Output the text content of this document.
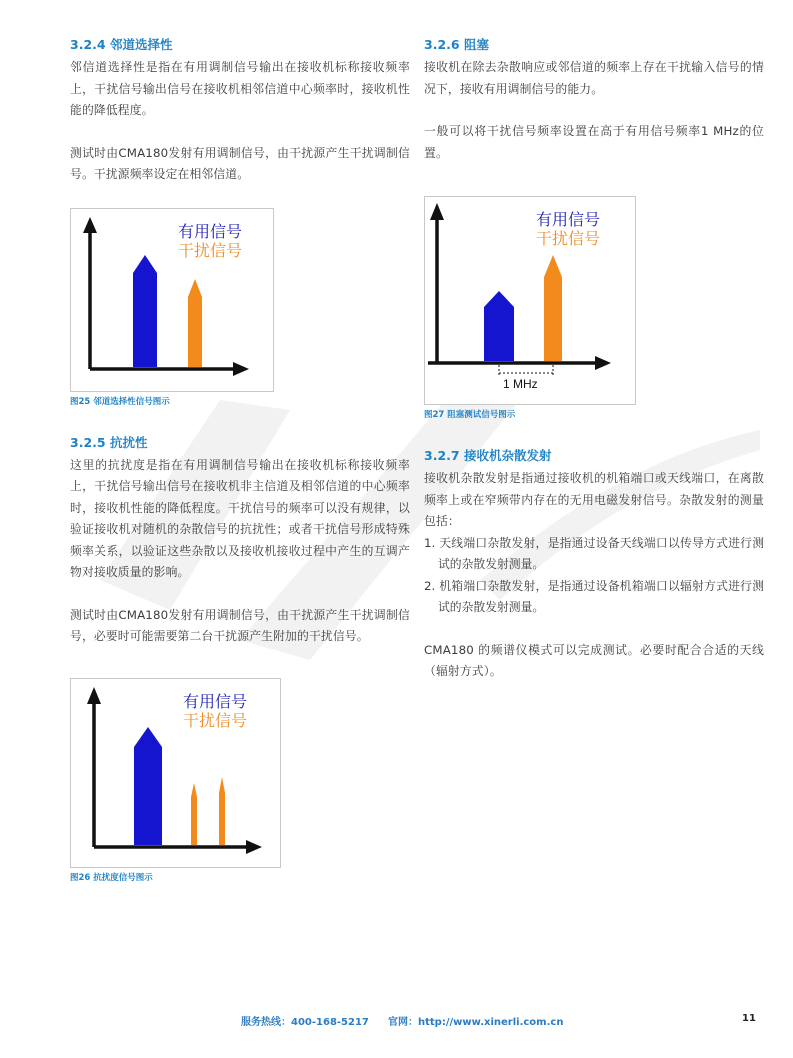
3.2.4 邻道选择性

邻信道选择性是指在有用调制信号输出在接收机标称接收频率上，干扰信号输出信号在接收机相邻信道中心频率时，接收机性能的降低程度。

测试时由CMA180发射有用调制信号，由干扰源产生干扰调制信号。干扰源频率设定在相邻信道。

有用信号
干扰信号
图25 邻道选择性信号图示
3.2.5 抗扰性

这里的抗扰度是指在有用调制信号输出在接收机标称接收频率上，干扰信号输出信号在接收机非主信道及相邻信道的中心频率时，接收机性能的降低程度。干扰信号的频率可以没有规律，以验证接收机对随机的杂散信号的抗扰性；或者干扰信号形成特殊频率关系，以验证这些杂散以及接收机接收过程中产生的互调产物对接收质量的影响。

测试时由CMA180发射有用调制信号，由干扰源产生干扰调制信号，必要时可能需要第二台干扰源产生附加的干扰信号。

有用信号
干扰信号
图26 抗扰度信号图示
3.2.6 阻塞

接收机在除去杂散响应或邻信道的频率上存在干扰输入信号的情况下，接收有用调制信号的能力。

一般可以将干扰信号频率设置在高于有用信号频率1 MHz的位置。

1 MHz
有用信号
干扰信号
图27 阻塞测试信号图示
3.2.7 接收机杂散发射

接收机杂散发射是指通过接收机的机箱端口或天线端口，在离散频率上或在窄频带内存在的无用电磁发射信号。杂散发射的测量包括：

1. 天线端口杂散发射，是指通过设备天线端口以传导方式进行测试的杂散发射测量。
2. 机箱端口杂散发射，是指通过设备机箱端口以辐射方式进行测试的杂散发射测量。

CMA180 的频谱仪模式可以完成测试。必要时配合合适的天线（辐射方式）。

服务热线：400-168-5217 官网：http://www.xinerli.com.cn	11
